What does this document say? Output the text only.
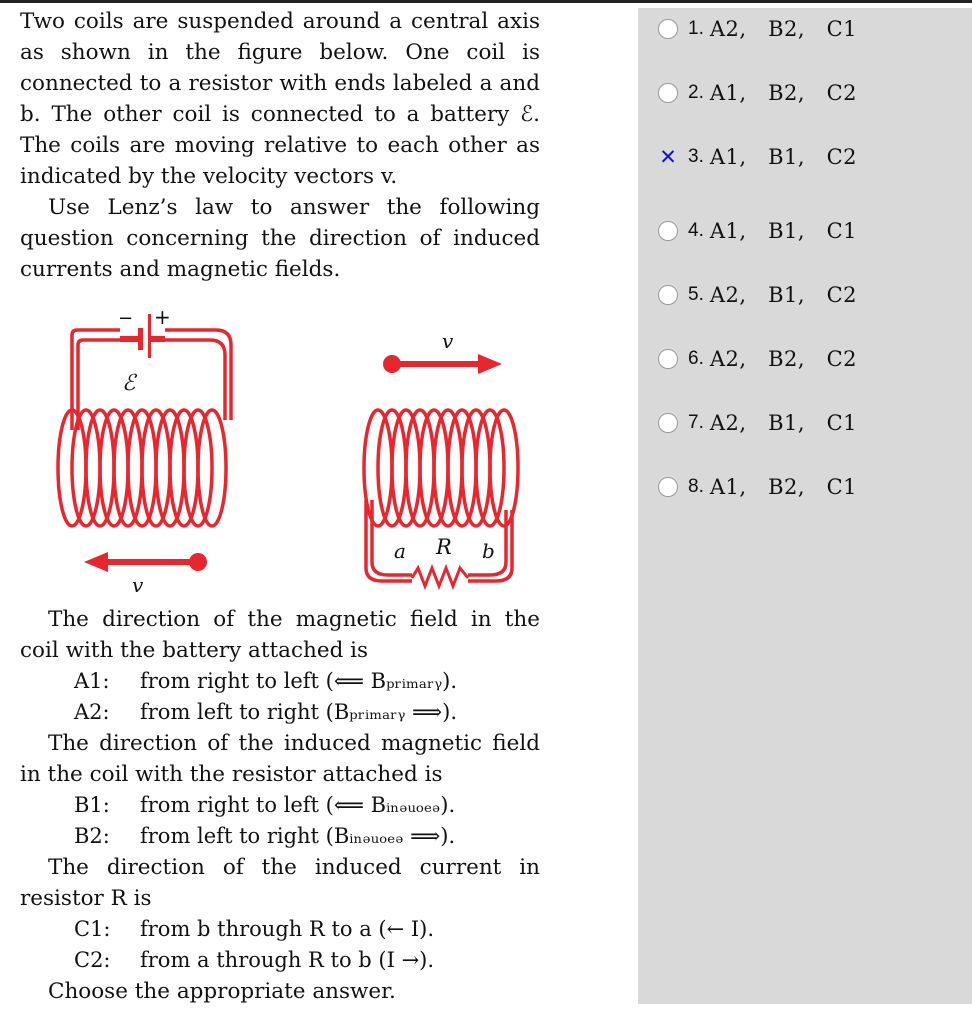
Two coils are suspended around a central axis as shown in the figure below. One coil is connected to a resistor with ends labeled a and b. The other coil is connected to a battery ℰ. The coils are moving relative to each other as indicated by the velocity vectors v.

Use Lenz’s law to answer the following question concerning the direction of induced currents and magnetic fields.

− +
ℰ
v
v
a R b

The direction of the magnetic field in the coil with the battery attached is

A1: from right to left (⟸ Bₚᵣᵢₘₐᵣᵧ).
A2: from left to right (Bₚᵣᵢₘₐᵣᵧ ⟹).

The direction of the induced magnetic field in the coil with the resistor attached is

B1: from right to left (⟸ Bᵢₙₔᵤₒₑₔ).
B2: from left to right (Bᵢₙₔᵤₒₑₔ ⟹).

The direction of the induced current in resistor R is

C1: from b through R to a (← I).
C2: from a through R to b (I →).

Choose the appropriate answer.

1. A2,   B2,   C1
2. A1,   B2,   C2
✕ 3. A1,   B1,   C2
4. A1,   B1,   C1
5. A2,   B1,   C2
6. A2,   B2,   C2
7. A2,   B1,   C1
8. A1,   B2,   C1
